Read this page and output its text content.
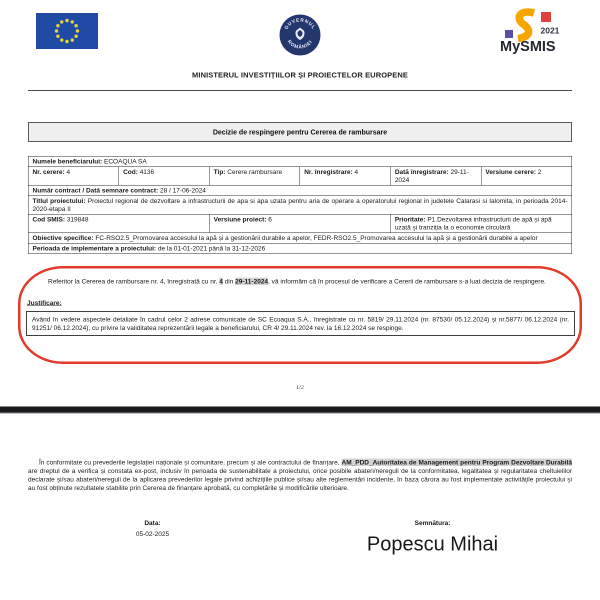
GUVERNUL
ROMÂNIEI
2021
MySMIS
MINISTERUL INVESTIȚIILOR ȘI PROIECTELOR EUROPENE
Decizie de respingere pentru Cererea de rambursare
Numele beneficiarului: ECOAQUA SA					
Nr. cerere: 4	Cod: 4136	Tip: Cerere rambursare	Nr. înregistrare: 4	Dată înregistrare: 29-11-2024	Versiune cerere: 2
Număr contract / Dată semnare contract: 28 / 17-06-2024					
Titlul proiectului: Proiectul regional de dezvoltare a infrastructurii de apa si apa uzata pentru aria de operare a operatorului regional in judetele Calarasi si Ialomita, in perioada 2014-2020-etapa II					
Cod SMIS: 319848		Versiune proiect: 6		Prioritate: P1.Dezvoltarea infrastructurii de apă și apă uzată și tranziția la o economie circulară	
Obiective specifice: FC-RSO2.5_Promovarea accesului la apă și a gestionării durabile a apelor, FEDR-RSO2.5_Promovarea accesului la apă și a gestionării durabile a apelor					
Perioada de implementare a proiectului: de la 01-01-2021 până la 31-12-2026					
Referitor la Cererea de rambursare nr. 4, înregistrată cu nr. 4 din 29-11-2024, vă informăm că în procesul de verificare a Cererii de rambursare s-a luat decizia de respingere.
Justificare:
Având în vedere aspectele detaliate în cadrul celor 2 adrese comunicate de SC Ecoaqua S.A., înregistrate cu nr. 5819/ 29.11.2024 (nr. 87530/ 05.12.2024) și nr.5877/ 06.12.2024 (nr. 91251/ 06.12.2024), cu privire la validitatea reprezentării legale a beneficiarului, CR 4/ 29.11.2024 rev. la 16.12.2024 se respinge.
1/2
În conformitate cu prevederile legislației naționale și comunitare, precum și ale contractului de finanțare, AM_PDD_Autoritatea de Management pentru Program Dezvoltare Durabilă are dreptul de a verifica și constata ex-post, inclusiv în perioada de sustenabilitate a proiectului, orice posibile abateri/nereguli de la conformitatea, legalitatea și regularitatea cheltuielilor declarate și/sau abateri/nereguli de la aplicarea prevederilor legale privind achizițiile publice și/sau alte reglementări incidente, în baza cărora au fost implementate activitățile proiectului și au fost obținute rezultatele stabilite prin Cererea de finanțare aprobată, cu completările și modificările ulterioare.
Data:
05-02-2025
Semnătura:
Popescu Mihai
